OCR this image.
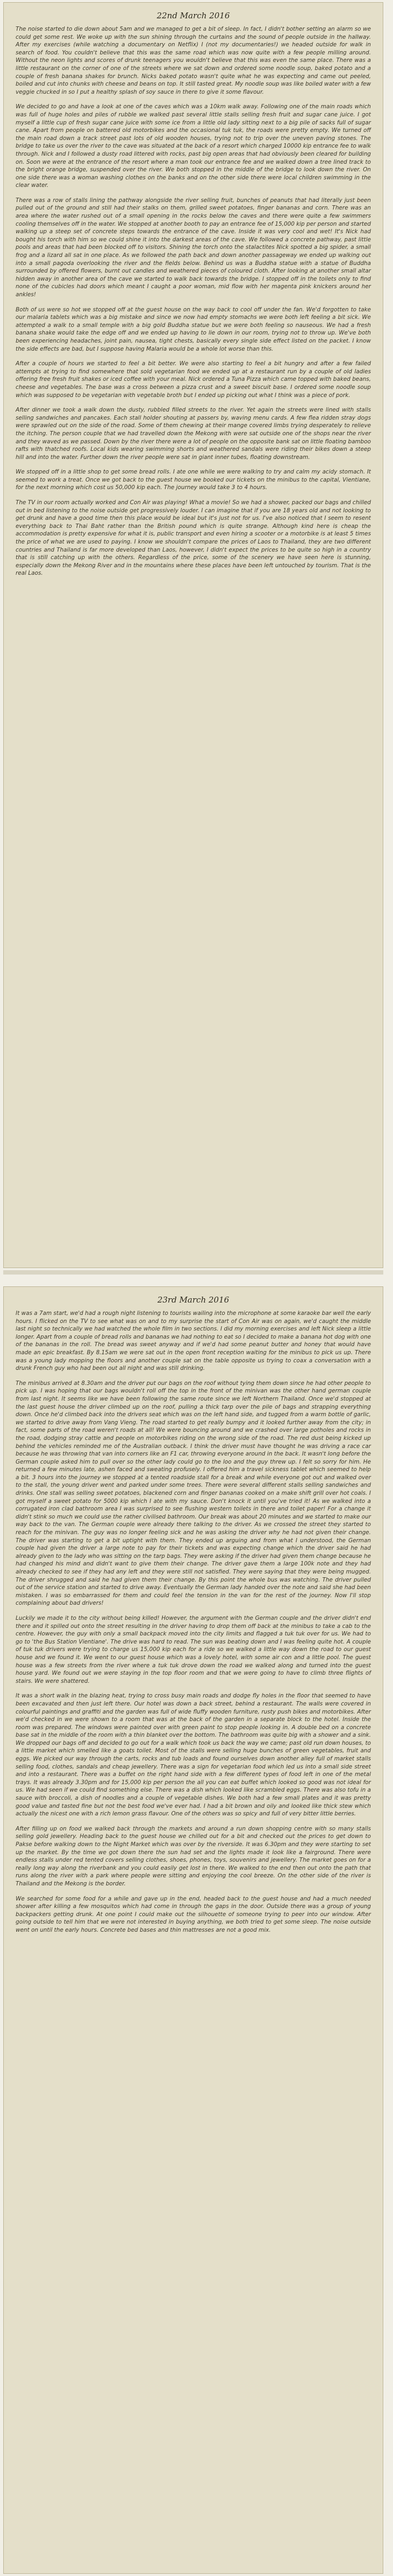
22nd March 2016

The noise started to die down about 5am and we managed to get a bit of sleep. In fact, I didn't bother setting an alarm so we could get some rest. We woke up with the sun shining through the curtains and the sound of people outside in the hallway. After my exercises (while watching a documentary on Netflix) I (not my documentaries!) we headed outside for walk in search of food. You couldn't believe that this was the same road which was now quite with a few people milling around. Without the neon lights and scores of drunk teenagers you wouldn't believe that this was even the same place. There was a little restaurant on the corner of one of the streets where we sat down and ordered some noodle soup, baked potato and a couple of fresh banana shakes for brunch. Nicks baked potato wasn't quite what he was expecting and came out peeled, boiled and cut into chunks with cheese and beans on top. It still tasted great. My noodle soup was like boiled water with a few veggie chucked in so I put a healthy splash of soy sauce in there to give it some flavour.

We decided to go and have a look at one of the caves which was a 10km walk away. Following one of the main roads which was full of huge holes and piles of rubble we walked past several little stalls selling fresh fruit and sugar cane juice. I got myself a little cup of fresh sugar cane juice with some ice from a little old lady sitting next to a big pile of sacks full of sugar cane. Apart from people on battered old motorbikes and the occasional tuk tuk, the roads were pretty empty. We turned off the main road down a track street past lots of old wooden houses, trying not to trip over the uneven paving stones. The bridge to take us over the river to the cave was situated at the back of a resort which charged 10000 kip entrance fee to walk through. Nick and I followed a dusty road littered with rocks, past big open areas that had obviously been cleared for building on. Soon we were at the entrance of the resort where a man took our entrance fee and we walked down a tree lined track to the bright orange bridge, suspended over the river. We both stopped in the middle of the bridge to look down the river. On one side there was a woman washing clothes on the banks and on the other side there were local children swimming in the clear water.

There was a row of stalls lining the pathway alongside the river selling fruit, bunches of peanuts that had literally just been pulled out of the ground and still had their stalks on them, grilled sweet potatoes, finger bananas and corn. There was an area where the water rushed out of a small opening in the rocks below the caves and there were quite a few swimmers cooling themselves off in the water. We stopped at another booth to pay an entrance fee of 15,000 kip per person and started walking up a steep set of concrete steps towards the entrance of the cave. Inside it was very cool and wet! It's Nick had bought his torch with him so we could shine it into the darkest areas of the cave. We followed a concrete pathway, past little pools and areas that had been blocked off to visitors. Shining the torch onto the stalactites Nick spotted a big spider, a small frog and a lizard all sat in one place. As we followed the path back and down another passageway we ended up walking out into a small pagoda overlooking the river and the fields below. Behind us was a Buddha statue with a statue of Buddha surrounded by offered flowers, burnt out candles and weathered pieces of coloured cloth. After looking at another small altar hidden away in another area of the cave we started to walk back towards the bridge. I stopped off in the toilets only to find none of the cubicles had doors which meant I caught a poor woman, mid flow with her magenta pink knickers around her ankles!

Both of us were so hot we stopped off at the guest house on the way back to cool off under the fan. We'd forgotten to take our malaria tablets which was a big mistake and since we now had empty stomachs we were both left feeling a bit sick. We attempted a walk to a small temple with a big gold Buddha statue but we were both feeling so nauseous. We had a fresh banana shake would take the edge off and we ended up having to lie down in our room, trying not to throw up. We've both been experiencing headaches, joint pain, nausea, tight chests, basically every single side effect listed on the packet. I know the side effects are bad, but I suppose having Malaria would be a whole lot worse than this.

After a couple of hours we started to feel a bit better. We were also starting to feel a bit hungry and after a few failed attempts at trying to find somewhere that sold vegetarian food we ended up at a restaurant run by a couple of old ladies offering free fresh fruit shakes or iced coffee with your meal. Nick ordered a Tuna Pizza which came topped with baked beans, cheese and vegetables. The base was a cross between a pizza crust and a sweet biscuit base. I ordered some noodle soup which was supposed to be vegetarian with vegetable broth but I ended up picking out what I think was a piece of pork.

After dinner we took a walk down the dusty, rubbled filled streets to the river. Yet again the streets were lined with stalls selling sandwiches and pancakes. Each stall holder shouting at passers by, waving menu cards. A few flea ridden stray dogs were sprawled out on the side of the road. Some of them chewing at their mange covered limbs trying desperately to relieve the itching. The person couple that we had travelled down the Mekong with were sat outside one of the shops near the river and they waved as we passed. Down by the river there were a lot of people on the opposite bank sat on little floating bamboo rafts with thatched roofs. Local kids wearing swimming shorts and weathered sandals were riding their bikes down a steep hill and into the water. Further down the river people were sat in giant inner tubes, floating downstream.

We stopped off in a little shop to get some bread rolls. I ate one while we were walking to try and calm my acidy stomach. It seemed to work a treat. Once we got back to the guest house we booked our tickets on the minibus to the capital, Vientiane, for the next morning which cost us 50,000 kip each. The journey would take 3 to 4 hours.

The TV in our room actually worked and Con Air was playing! What a movie! So we had a shower, packed our bags and chilled out in bed listening to the noise outside get progressively louder. I can imagine that if you are 18 years old and not looking to get drunk and have a good time then this place would be ideal but it's just not for us. I've also noticed that I seem to resent everything back to Thai Baht rather than the British pound which is quite strange. Although kind here is cheap the accommodation is pretty expensive for what it is, public transport and even hiring a scooter or a motorbike is at least 5 times the price of what we are used to paying. I know we shouldn't compare the prices of Laos to Thailand, they are two different countries and Thailand is far more developed than Laos, however, I didn't expect the prices to be quite so high in a country that is still catching up with the others. Regardless of the price, some of the scenery we have seen here is stunning, especially down the Mekong River and in the mountains where these places have been left untouched by tourism. That is the real Laos.

23rd March 2016

It was a 7am start, we'd had a rough night listening to tourists wailing into the microphone at some karaoke bar well the early hours. I flicked on the TV to see what was on and to my surprise the start of Con Air was on again, we'd caught the middle last night so technically we had watched the whole film in two sections. I did my morning exercises and left Nick sleep a little longer. Apart from a couple of bread rolls and bananas we had nothing to eat so I decided to make a banana hot dog with one of the bananas in the roll. The bread was sweet anyway and if we'd had some peanut butter and honey that would have made an epic breakfast. By 8.15am we were sat out in the open front reception waiting for the minibus to pick us up. There was a young lady mopping the floors and another couple sat on the table opposite us trying to coax a conversation with a drunk French guy who had been out all night and was still drinking.

The minibus arrived at 8.30am and the driver put our bags on the roof without tying them down since he had other people to pick up. I was hoping that our bags wouldn't roll off the top in the front of the minivan was the other hand german couple from last night. It seems like we have been following the same route since we left Northern Thailand. Once we'd stopped at the last guest house the driver climbed up on the roof, pulling a thick tarp over the pile of bags and strapping everything down. Once he'd climbed back into the drivers seat which was on the left hand side, and tugged from a warm bottle of garlic, we started to drive away from Vang Vieng. The road started to get really bumpy and it looked further away from the city; in fact, some parts of the road weren't roads at all! We were bouncing around and we crashed over large potholes and rocks in the road, dodging stray cattle and people on motorbikes riding on the wrong side of the road. The red dust being kicked up behind the vehicles reminded me of the Australian outback. I think the driver must have thought he was driving a race car because he was throwing that van into corners like an F1 car, throwing everyone around in the back. It wasn't long before the German couple asked him to pull over so the other lady could go to the loo and the guy threw up. I felt so sorry for him. He returned a few minutes late, ashen faced and sweating profusely. I offered him a travel sickness tablet which seemed to help a bit. 3 hours into the journey we stopped at a tented roadside stall for a break and while everyone got out and walked over to the stall, the young driver went and parked under some trees. There were several different stalls selling sandwiches and drinks. One stall was selling sweet potatoes, blackened corn and finger bananas cooked on a make shift grill over hot coals. I got myself a sweet potato for 5000 kip which I ate with my sauce. Don't knock it until you've tried it! As we walked into a corrugated iron clad bathroom area I was surprised to see flushing western toilets in there and toilet paper! For a change it didn't stink so much we could use the rather civilised bathroom. Our break was about 20 minutes and we started to make our way back to the van. The German couple were already there talking to the driver. As we crossed the street they started to reach for the minivan. The guy was no longer feeling sick and he was asking the driver why he had not given their change. The driver was starting to get a bit uptight with them. They ended up arguing and from what I understood, the German couple had given the driver a large note to pay for their tickets and was expecting change which the driver said he had already given to the lady who was sitting on the tarp bags. They were asking if the driver had given them change because he had changed his mind and didn't want to give them their change. The driver gave them a large 100k note and they had already checked to see if they had any left and they were still not satisfied. They were saying that they were being mugged. The driver shrugged and said he had given them their change. By this point the whole bus was watching. The driver pulled out of the service station and started to drive away. Eventually the German lady handed over the note and said she had been mistaken. I was so embarrassed for them and could feel the tension in the van for the rest of the journey. Now I'll stop complaining about bad drivers!

Luckily we made it to the city without being killed! However, the argument with the German couple and the driver didn't end there and it spilled out onto the street resulting in the driver having to drop them off back at the minibus to take a cab to the centre. However, the guy with only a small backpack moved into the city limits and flagged a tuk tuk over for us. We had to go to 'the Bus Station Vientiane'. The drive was hard to read. The sun was beating down and I was feeling quite hot. A couple of tuk tuk drivers were trying to charge us 15,000 kip each for a ride so we walked a little way down the road to our guest house and we found it. We went to our guest house which was a lovely hotel, with some air con and a little pool. The guest house was a few streets from the river where a tuk tuk drove down the road we walked along and turned into the guest house yard. We found out we were staying in the top floor room and that we were going to have to climb three flights of stairs. We were shattered.

It was a short walk in the blazing heat, trying to cross busy main roads and dodge fly holes in the floor that seemed to have been excavated and then just left there. Our hotel was down a back street, behind a restaurant. The walls were covered in colourful paintings and graffiti and the garden was full of wide fluffy wooden furniture, rusty push bikes and motorbikes. After we'd checked in we were shown to a room that was at the back of the garden in a separate block to the hotel. Inside the room was prepared. The windows were painted over with green paint to stop people looking in. A double bed on a concrete base sat in the middle of the room with a thin blanket over the bottom. The bathroom was quite big with a shower and a sink. We dropped our bags off and decided to go out for a walk which took us back the way we came; past old run down houses, to a little market which smelled like a goats toilet. Most of the stalls were selling huge bunches of green vegetables, fruit and eggs. We picked our way through the carts, rocks and tub loads and found ourselves down another alley full of market stalls selling food, clothes, sandals and cheap jewellery. There was a sign for vegetarian food which led us into a small side street and into a restaurant. There was a buffet on the right hand side with a few different types of food left in one of the metal trays. It was already 3.30pm and for 15,000 kip per person the all you can eat buffet which looked so good was not ideal for us. We had seen if we could find something else. There was a dish which looked like scrambled eggs. There was also tofu in a sauce with broccoli, a dish of noodles and a couple of vegetable dishes. We both had a few small plates and it was pretty good value and tasted fine but not the best food we've ever had. I had a bit brown and oily and looked like thick stew which actually the nicest one with a rich lemon grass flavour. One of the others was so spicy and full of very bitter little berries.

After filling up on food we walked back through the markets and around a run down shopping centre with so many stalls selling gold jewellery. Heading back to the guest house we chilled out for a bit and checked out the prices to get down to Pakse before walking down to the Night Market which was over by the riverside. It was 6.30pm and they were starting to set up the market. By the time we got down there the sun had set and the lights made it look like a fairground. There were endless stalls under red tented covers selling clothes, shoes, phones, toys, souvenirs and jewellery. The market goes on for a really long way along the riverbank and you could easily get lost in there. We walked to the end then out onto the path that runs along the river with a park where people were sitting and enjoying the cool breeze. On the other side of the river is Thailand and the Mekong is the border.

We searched for some food for a while and gave up in the end, headed back to the guest house and had a much needed shower after killing a few mosquitos which had come in through the gaps in the door. Outside there was a group of young backpackers getting drunk. At one point I could make out the silhouette of someone trying to peer into our window. After going outside to tell him that we were not interested in buying anything, we both tried to get some sleep. The noise outside went on until the early hours. Concrete bed bases and thin mattresses are not a good mix.
